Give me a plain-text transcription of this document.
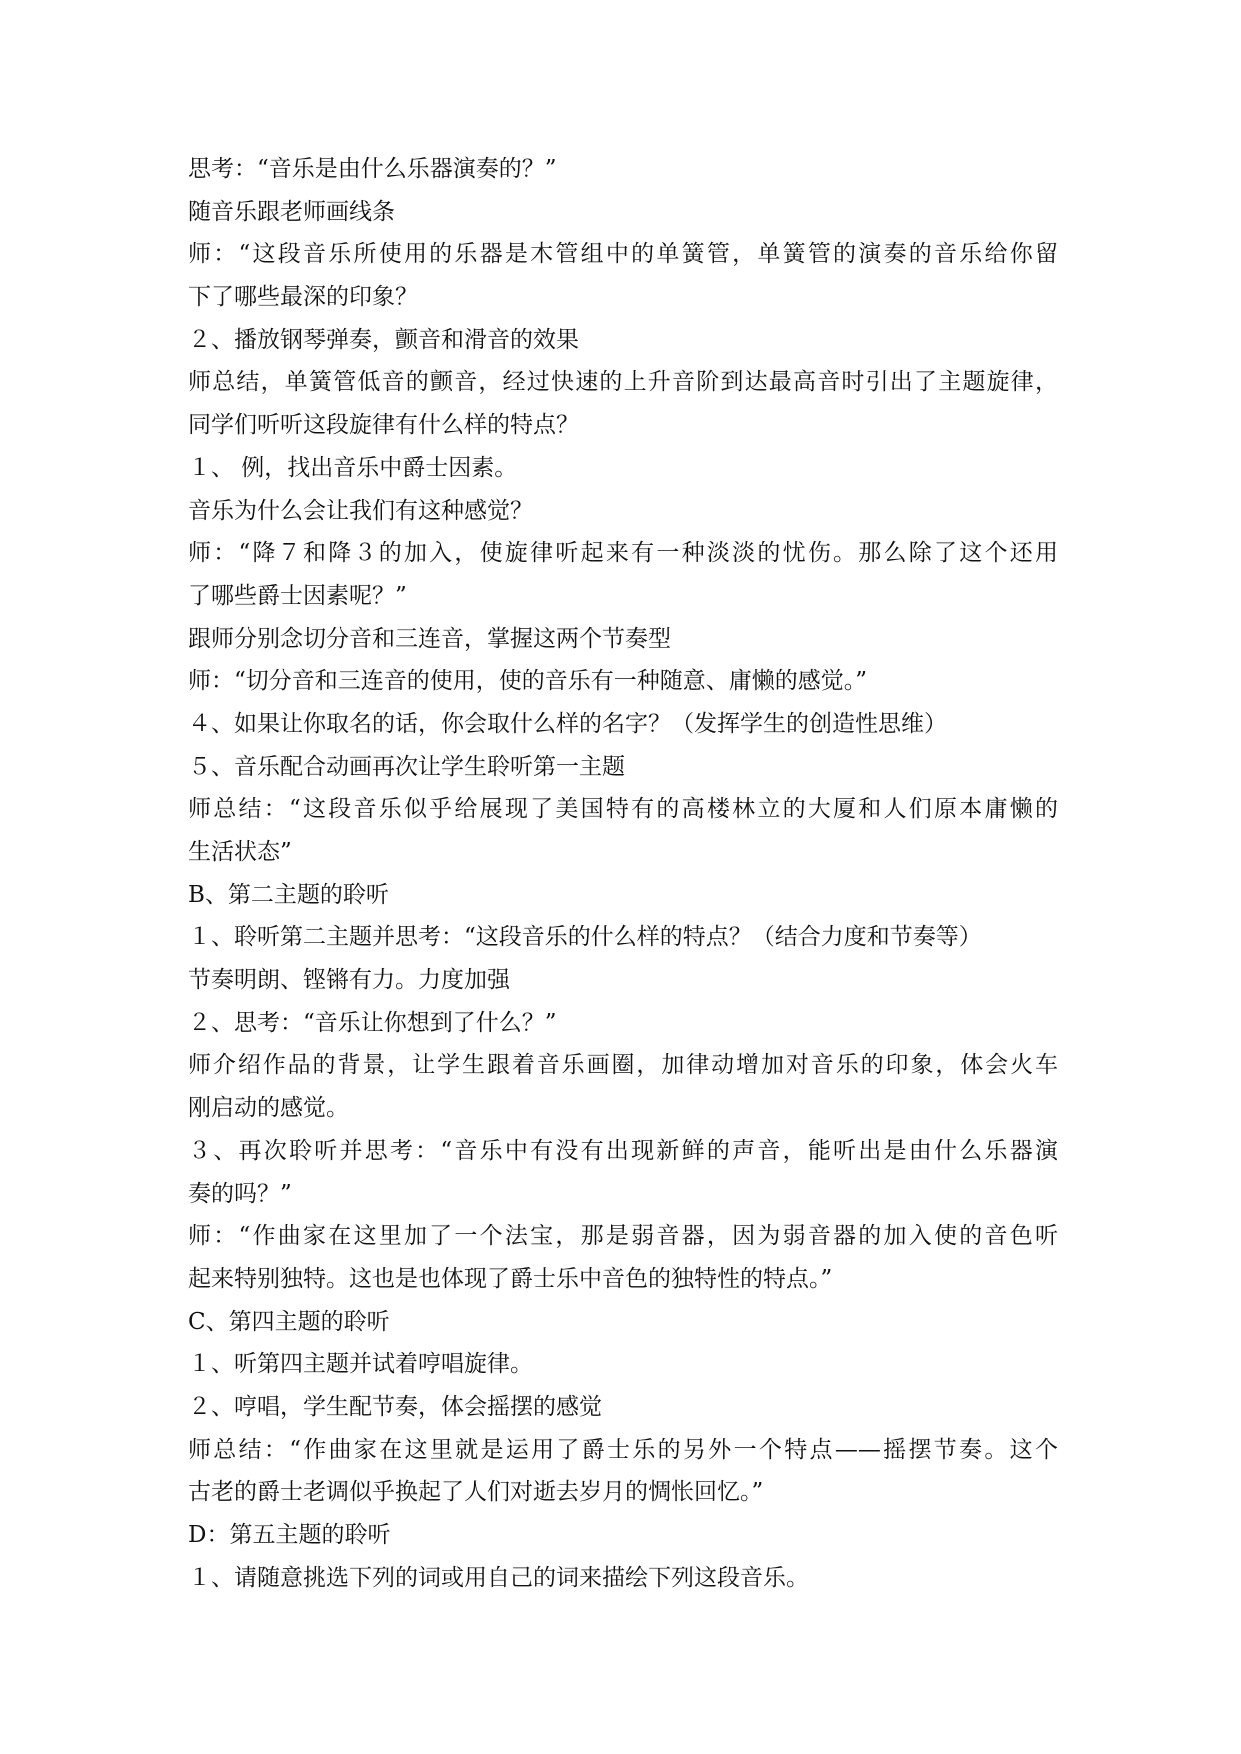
思考：“音乐是由什么乐器演奏的？”
随音乐跟老师画线条
师：“这段音乐所使用的乐器是木管组中的单簧管，单簧管的演奏的音乐给你留
下了哪些最深的印象？
２、播放钢琴弹奏，颤音和滑音的效果
师总结，单簧管低音的颤音，经过快速的上升音阶到达最高音时引出了主题旋律，
同学们听听这段旋律有什么样的特点？
１、 例，找出音乐中爵士因素。
音乐为什么会让我们有这种感觉？
师：“降７和降３的加入，使旋律听起来有一种淡淡的忧伤。那么除了这个还用
了哪些爵士因素呢？”
跟师分别念切分音和三连音，掌握这两个节奏型
师：“切分音和三连音的使用，使的音乐有一种随意、庸懒的感觉。”
４、如果让你取名的话，你会取什么样的名字？（发挥学生的创造性思维）
５、音乐配合动画再次让学生聆听第一主题
师总结：“这段音乐似乎给展现了美国特有的高楼林立的大厦和人们原本庸懒的
生活状态”
B、第二主题的聆听
１、聆听第二主题并思考：“这段音乐的什么样的特点？（结合力度和节奏等）
节奏明朗、铿锵有力。力度加强
２、思考：“音乐让你想到了什么？”
师介绍作品的背景，让学生跟着音乐画圈，加律动增加对音乐的印象，体会火车
刚启动的感觉。
３、再次聆听并思考：“音乐中有没有出现新鲜的声音，能听出是由什么乐器演
奏的吗？”
师：“作曲家在这里加了一个法宝，那是弱音器，因为弱音器的加入使的音色听
起来特别独特。这也是也体现了爵士乐中音色的独特性的特点。”
C、第四主题的聆听
１、听第四主题并试着哼唱旋律。
２、哼唱，学生配节奏，体会摇摆的感觉
师总结：“作曲家在这里就是运用了爵士乐的另外一个特点——摇摆节奏。这个
古老的爵士老调似乎换起了人们对逝去岁月的惆怅回忆。”
D：第五主题的聆听
１、请随意挑选下列的词或用自己的词来描绘下列这段音乐。
